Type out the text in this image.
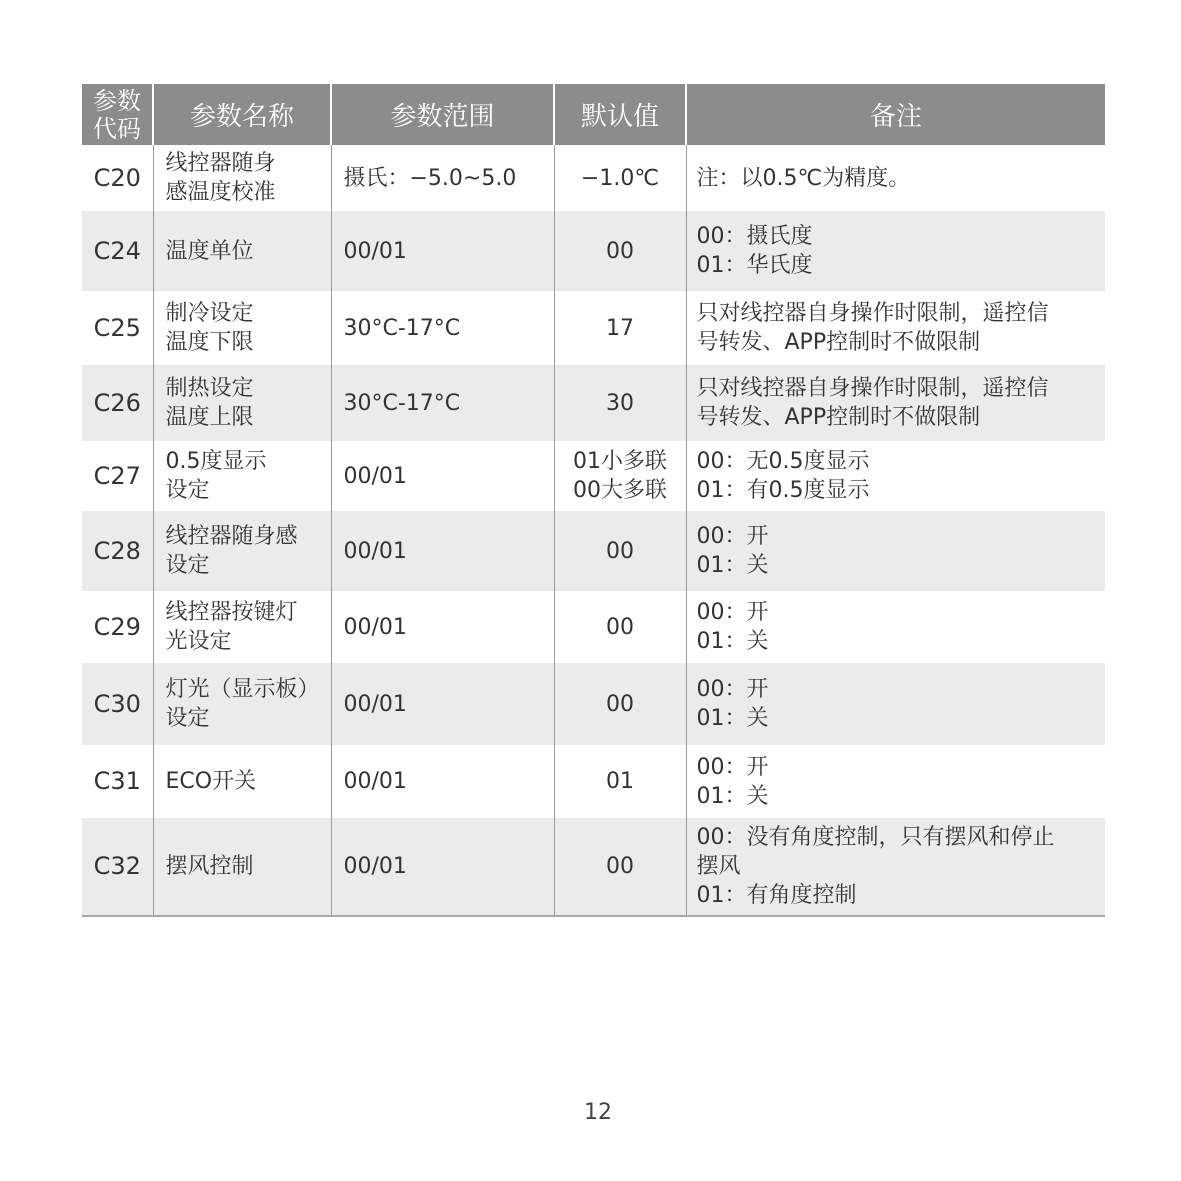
参数
代码	参数名称	参数范围	默认值	备注
C20	线控器随身
感温度校准	摄氏：−5.0~5.0	−1.0℃	注：以0.5℃为精度。

C24	温度单位	00/01	00	00：摄氏度
01：华氏度

C25	制冷设定
温度下限	30°C-17°C	17	只对线控器自身操作时限制，遥控信
号转发、APP控制时不做限制

C26	制热设定
温度上限	30°C-17°C	30	只对线控器自身操作时限制，遥控信
号转发、APP控制时不做限制

C27	0.5度显示
设定	00/01	01小多联
00大多联	00：无0.5度显示
01：有0.5度显示

C28	线控器随身感
设定	00/01	00	00：开
01：关

C29	线控器按键灯
光设定	00/01	00	00：开
01：关

C30	灯光（显示板）
设定	00/01	00	00：开
01：关

C31	ECO开关	00/01	01	00：开
01：关

C32	摆风控制	00/01	00	00：没有角度控制，只有摆风和停止
摆风
01：有角度控制
12
